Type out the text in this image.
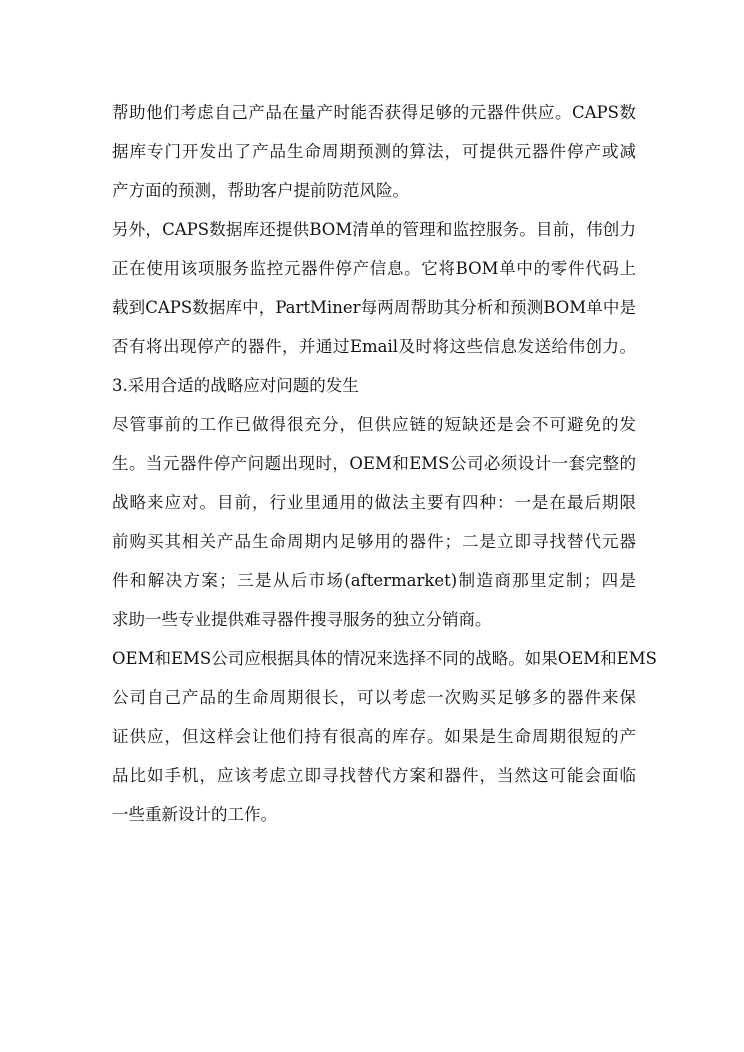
帮助他们考虑自己产品在量产时能否获得足够的元器件供应。CAPS数
据库专门开发出了产品生命周期预测的算法，可提供元器件停产或减
产方面的预测，帮助客户提前防范风险。
另外，CAPS数据库还提供BOM清单的管理和监控服务。目前，伟创力
正在使用该项服务监控元器件停产信息。它将BOM单中的零件代码上
载到CAPS数据库中，PartMiner每两周帮助其分析和预测BOM单中是
否有将出现停产的器件，并通过Email及时将这些信息发送给伟创力。
3.采用合适的战略应对问题的发生
尽管事前的工作已做得很充分，但供应链的短缺还是会不可避免的发
生。当元器件停产问题出现时，OEM和EMS公司必须设计一套完整的
战略来应对。目前，行业里通用的做法主要有四种：一是在最后期限
前购买其相关产品生命周期内足够用的器件；二是立即寻找替代元器
件和解决方案；三是从后市场(aftermarket)制造商那里定制；四是
求助一些专业提供难寻器件搜寻服务的独立分销商。
OEM和EMS公司应根据具体的情况来选择不同的战略。如果OEM和EMS
公司自己产品的生命周期很长，可以考虑一次购买足够多的器件来保
证供应，但这样会让他们持有很高的库存。如果是生命周期很短的产
品比如手机，应该考虑立即寻找替代方案和器件，当然这可能会面临
一些重新设计的工作。
